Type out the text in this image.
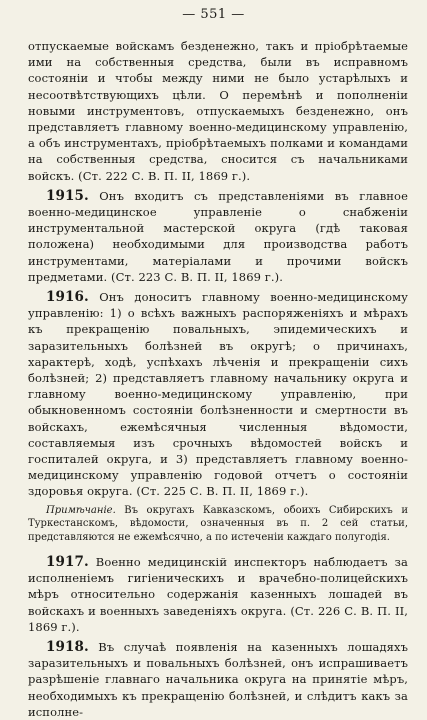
— 551 —

отпускаемые войскамъ безденежно, такъ и пріобрѣтаемые ими на собственныя средства, были въ исправномъ состояніи и чтобы между ними не было устарѣлыхъ и несоотвѣтствующихъ цѣли. О перемѣнѣ и пополненіи новыми инструментовъ, отпускаемыхъ безденежно, онъ представляетъ главному военно-медицинскому управленію, а объ инструментахъ, пріобрѣтаемыхъ полками и командами на собственныя средства, сносится съ начальниками войскъ. (Ст. 222 С. В. П. II, 1869 г.).

1915. Онъ входитъ съ представленіями въ главное военно-медицинское управленіе о снабженіи инструментальной мастерской округа (гдѣ таковая положена) необходимыми для производства работъ инструментами, матеріалами и прочими войскъ предметами. (Ст. 223 С. В. П. II, 1869 г.).

1916. Онъ доноситъ главному военно-медицинскому управленію: 1) о всѣхъ важныхъ распоряженіяхъ и мѣрахъ къ прекращенію повальныхъ, эпидемическихъ и заразительныхъ болѣзней въ округѣ; о причинахъ, характерѣ, ходѣ, успѣхахъ лѣченія и прекращеніи сихъ болѣзней; 2) представляетъ главному начальнику округа и главному военно-медицинскому управленію, при обыкновенномъ состояніи болѣзненности и смертности въ войскахъ, ежемѣсячныя численныя вѣдомости, составляемыя изъ срочныхъ вѣдомостей войскъ и госпиталей округа, и 3) представляетъ главному военно-медицинскому управленію годовой отчетъ о состояніи здоровья округа. (Ст. 225 С. В. П. II, 1869 г.).

Примѣчаніе. Въ округахъ Кавказскомъ, обоихъ Сибирскихъ и Туркестанскомъ, вѣдомости, означенныя въ п. 2 сей статьи, представляются не ежемѣсячно, а по истеченіи каждаго полугодія.

1917. Военно медицинскій инспекторъ наблюдаетъ за исполненіемъ гигіеническихъ и врачебно-полицейскихъ мѣръ относительно содержанія казенныхъ лошадей въ войскахъ и военныхъ заведеніяхъ округа. (Ст. 226 С. В. П. II, 1869 г.).

1918. Въ случаѣ появленія на казенныхъ лошадяхъ заразительныхъ и повальныхъ болѣзней, онъ испрашиваетъ разрѣшеніе главнаго начальника округа на принятіе мѣръ, необходимыхъ къ прекращенію болѣзней, и слѣдитъ какъ за исполне-
